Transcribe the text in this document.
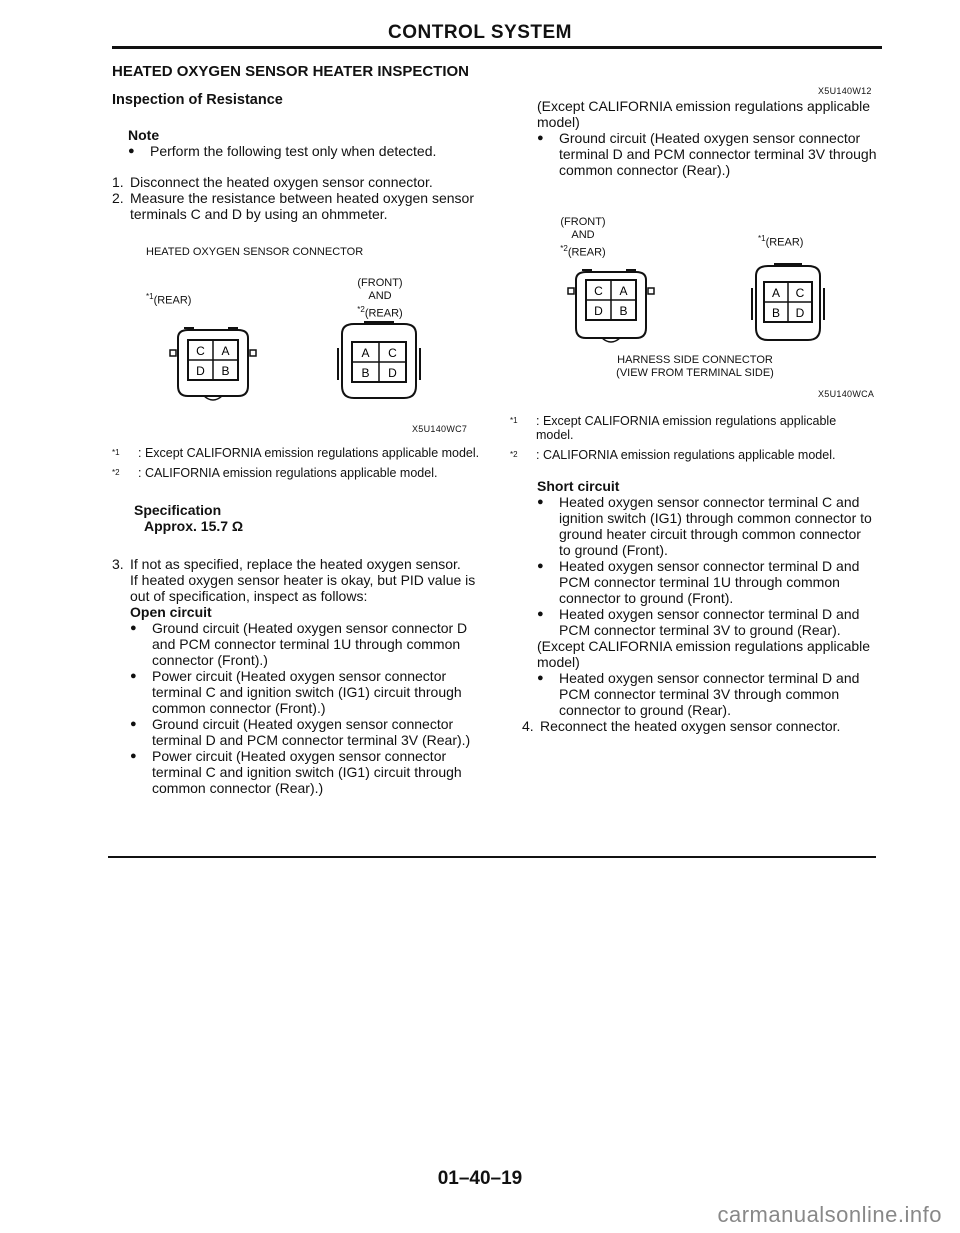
CONTROL SYSTEM

HEATED OXYGEN SENSOR HEATER INSPECTION

Inspection of Resistance

Note

● Perform the following test only when detected.
1. Disconnect the heated oxygen sensor connector.
2. Measure the resistance between heated oxygen sensor terminals C and D by using an ohmmeter.
HEATED OXYGEN SENSOR CONNECTOR
$^{*1}$(REAR)
(FRONT)
AND
$^{*2}$(REAR)
C A
D B
A C
B D
X5U140WC7
$^{*1}$ : Except CALIFORNIA emission regulations applicable model.
$^{*2}$ : CALIFORNIA emission regulations applicable model.

Specification

Approx. 15.7 Ω

3. If not as specified, replace the heated oxygen sensor.

If heated oxygen sensor heater is okay, but PID value is out of specification, inspect as follows:

Open circuit

● Ground circuit (Heated oxygen sensor connector D and PCM connector terminal 1U through common connector (Front).)
● Power circuit (Heated oxygen sensor connector terminal C and ignition switch (IG1) circuit through common connector (Front).)
● Ground circuit (Heated oxygen sensor connector terminal D and PCM connector terminal 3V (Rear).)
● Power circuit (Heated oxygen sensor connector terminal C and ignition switch (IG1) circuit through common connector (Rear).)
X5U140W12

(Except CALIFORNIA emission regulations applicable model)

● Ground circuit (Heated oxygen sensor connector terminal D and PCM connector terminal 3V through common connector (Rear).)
(FRONT)
AND
$^{*2}$(REAR)
$^{*1}$(REAR)
C A
D B
A C
B D
HARNESS SIDE CONNECTOR
(VIEW FROM TERMINAL SIDE)
X5U140WCA
$^{*1}$ : Except CALIFORNIA emission regulations applicable model.
$^{*2}$ : CALIFORNIA emission regulations applicable model.

Short circuit

● Heated oxygen sensor connector terminal C and ignition switch (IG1) through common connector to ground heater circuit through common connector to ground (Front).
● Heated oxygen sensor connector terminal D and PCM connector terminal 1U through common connector to ground (Front).
● Heated oxygen sensor connector terminal D and PCM connector terminal 3V to ground (Rear).

(Except CALIFORNIA emission regulations applicable model)

● Heated oxygen sensor connector terminal D and PCM connector terminal 3V through common connector to ground (Rear).
4. Reconnect the heated oxygen sensor connector.
01–40–19
carmanualsonline.info
